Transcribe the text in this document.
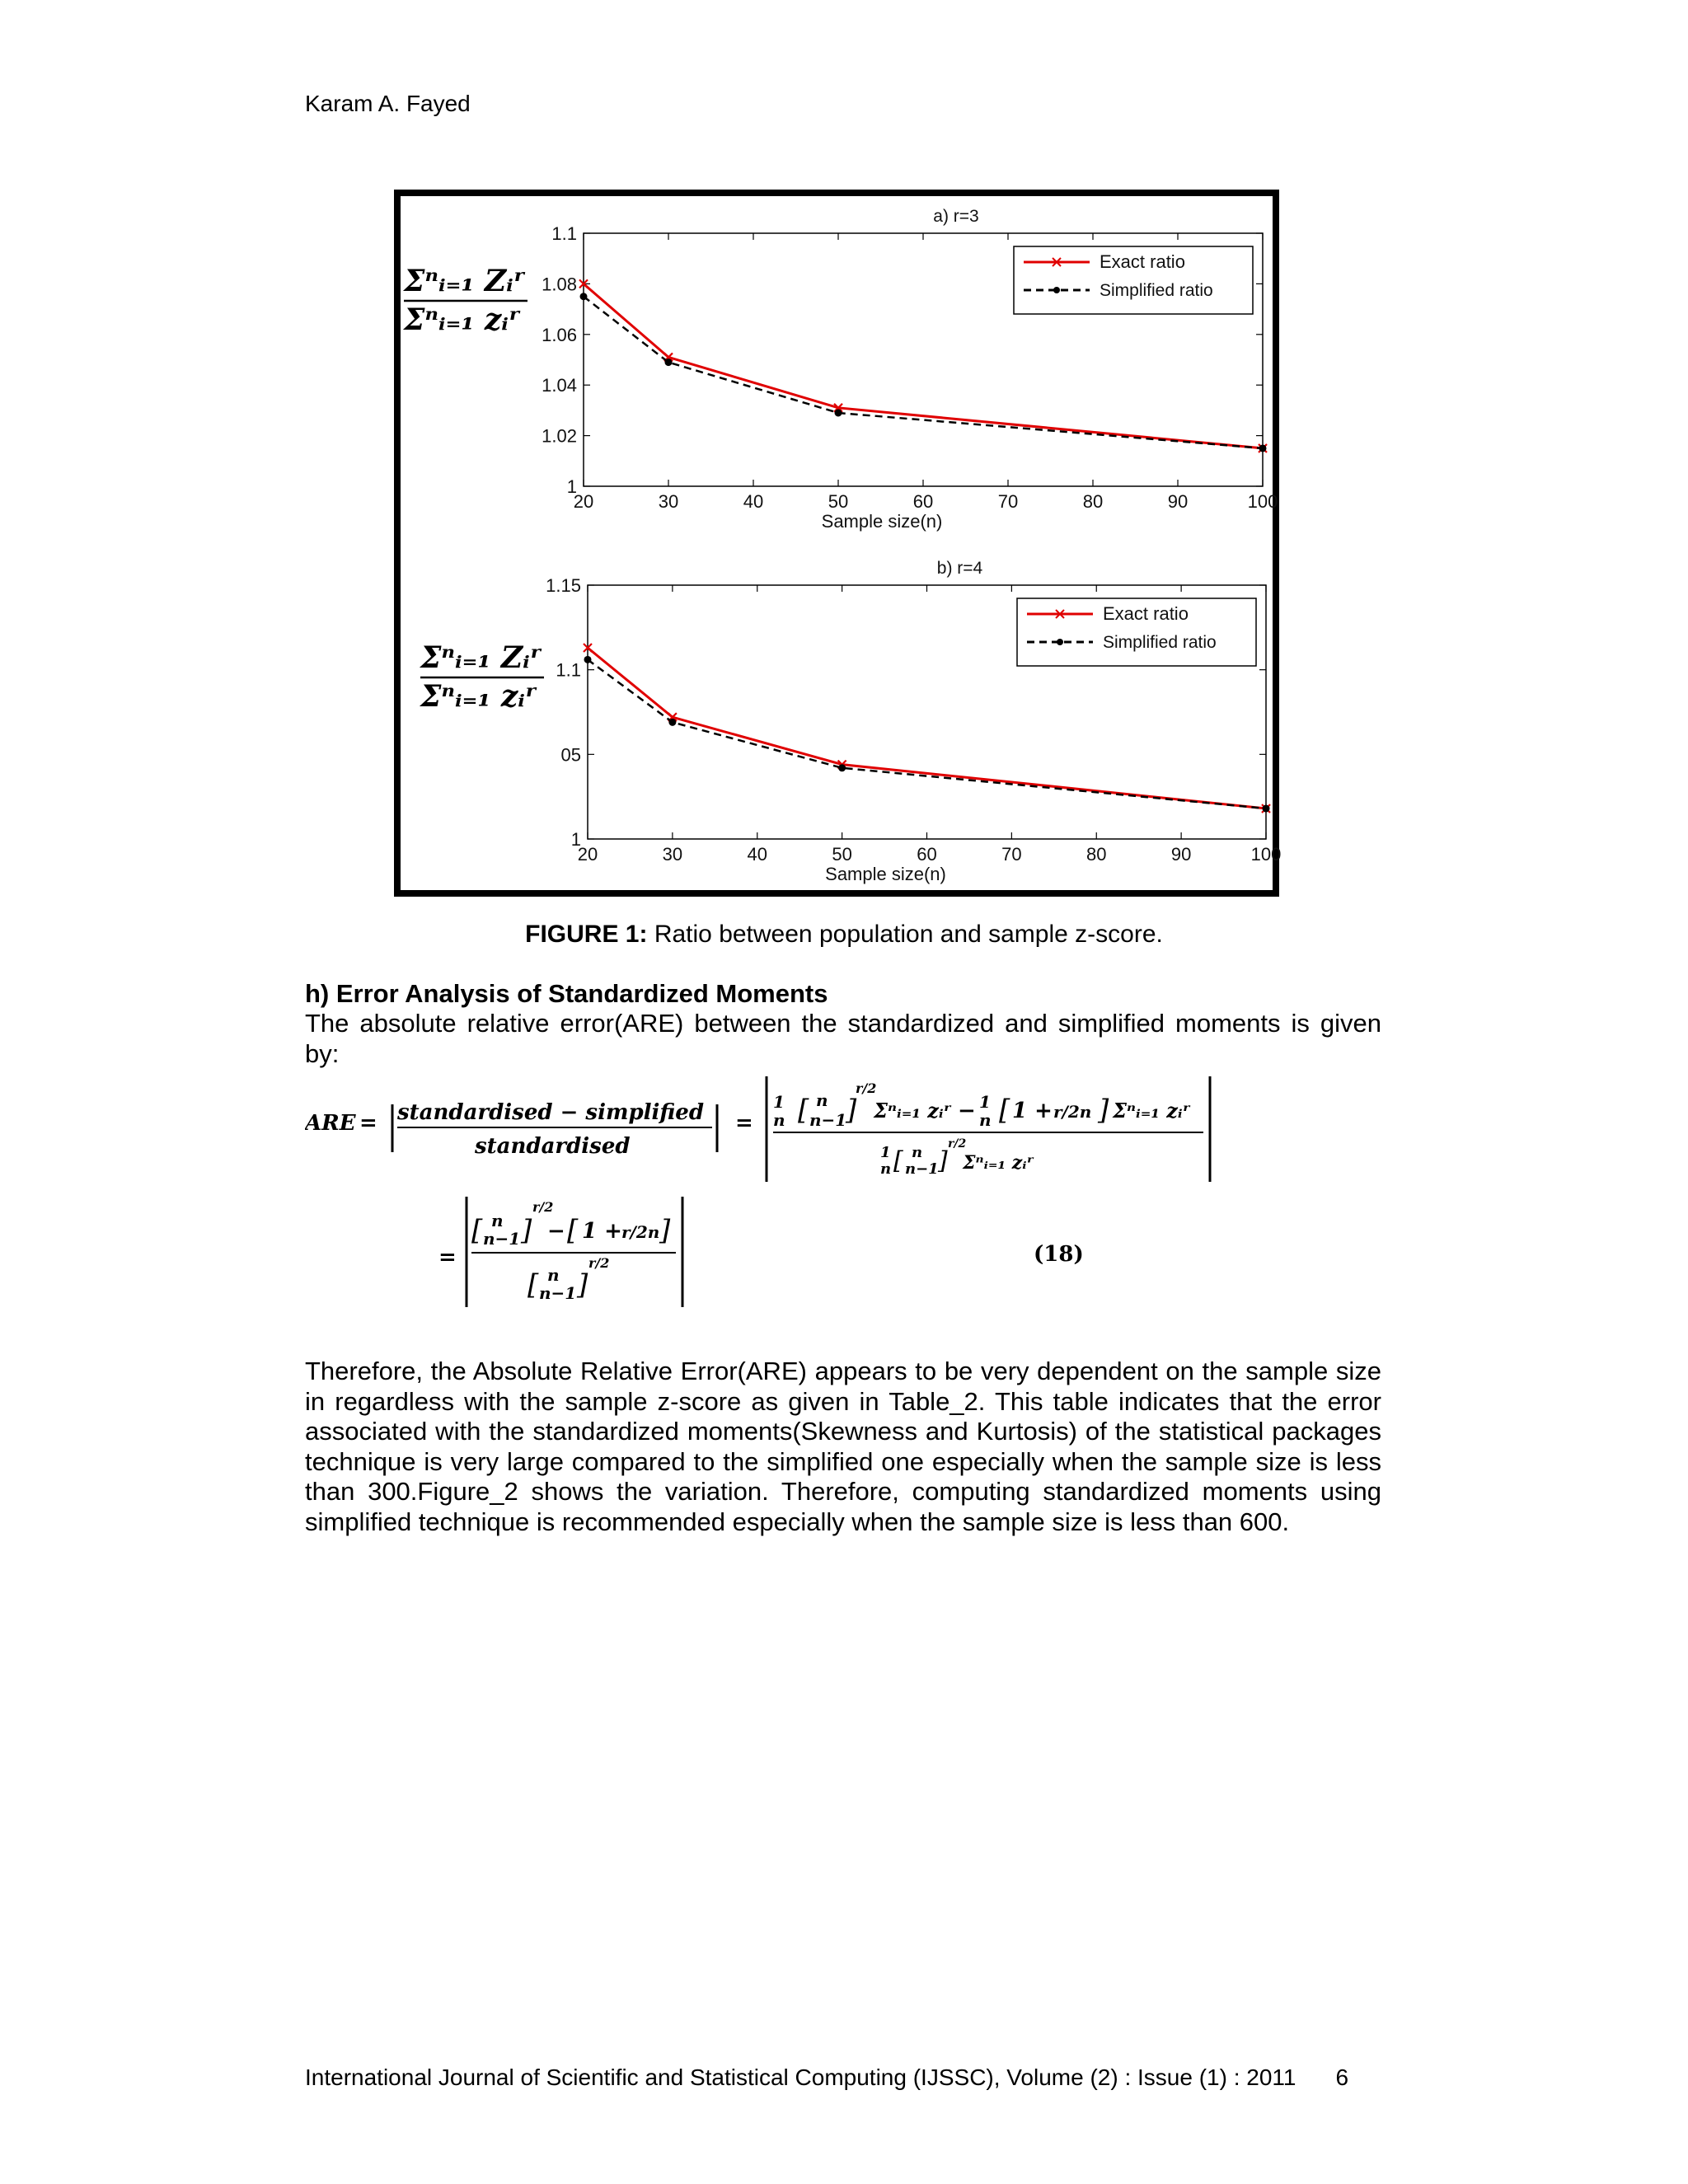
Karam A. Fayed
a) r=3
20	30	40	50	60	70	80	90	100
1
1.02
1.04
1.06
1.08
1.1
Sample size(n)
Exact ratio
Simplified ratio
b) r=4
20	30	40	50	60	70	80	90	100
1
05
1.1
1.15
Sample size(n)
Exact ratio
Simplified ratio
Σⁿᵢ₌₁ Zᵢʳ
Σⁿᵢ₌₁ zᵢʳ
Σⁿᵢ₌₁ Zᵢʳ
Σⁿᵢ₌₁ zᵢʳ
FIGURE 1: Ratio between population and sample z-score.
h) Error Analysis of Standardized Moments
The absolute relative error(ARE) between the standardized and simplified moments is given by:
ARE = standardised − simplified
standardised
=
1
n [ n
n−1
]
r/2
Σⁿᵢ₌₁ zᵢʳ − 1
n [ 1 + r/2n ] Σⁿᵢ₌₁ zᵢʳ
1
n [ n
n−1 ]
r/2
Σⁿᵢ₌₁ zᵢʳ
=
[ n
n−1 ]
r/2
− [ 1 + r/2n ]
[ n
n−1 ]
r/2	(18)
Therefore, the Absolute Relative Error(ARE) appears to be very dependent on the sample size in regardless with the sample z-score as given in Table_2. This table indicates that the error associated with the standardized moments(Skewness and Kurtosis) of the statistical packages technique is very large compared to the simplified one especially when the sample size is less than 300.Figure_2 shows the variation. Therefore, computing standardized moments using simplified technique is recommended especially when the sample size is less than 600.
International Journal of Scientific and Statistical Computing (IJSSC), Volume (2) : Issue (1) : 2011 6
